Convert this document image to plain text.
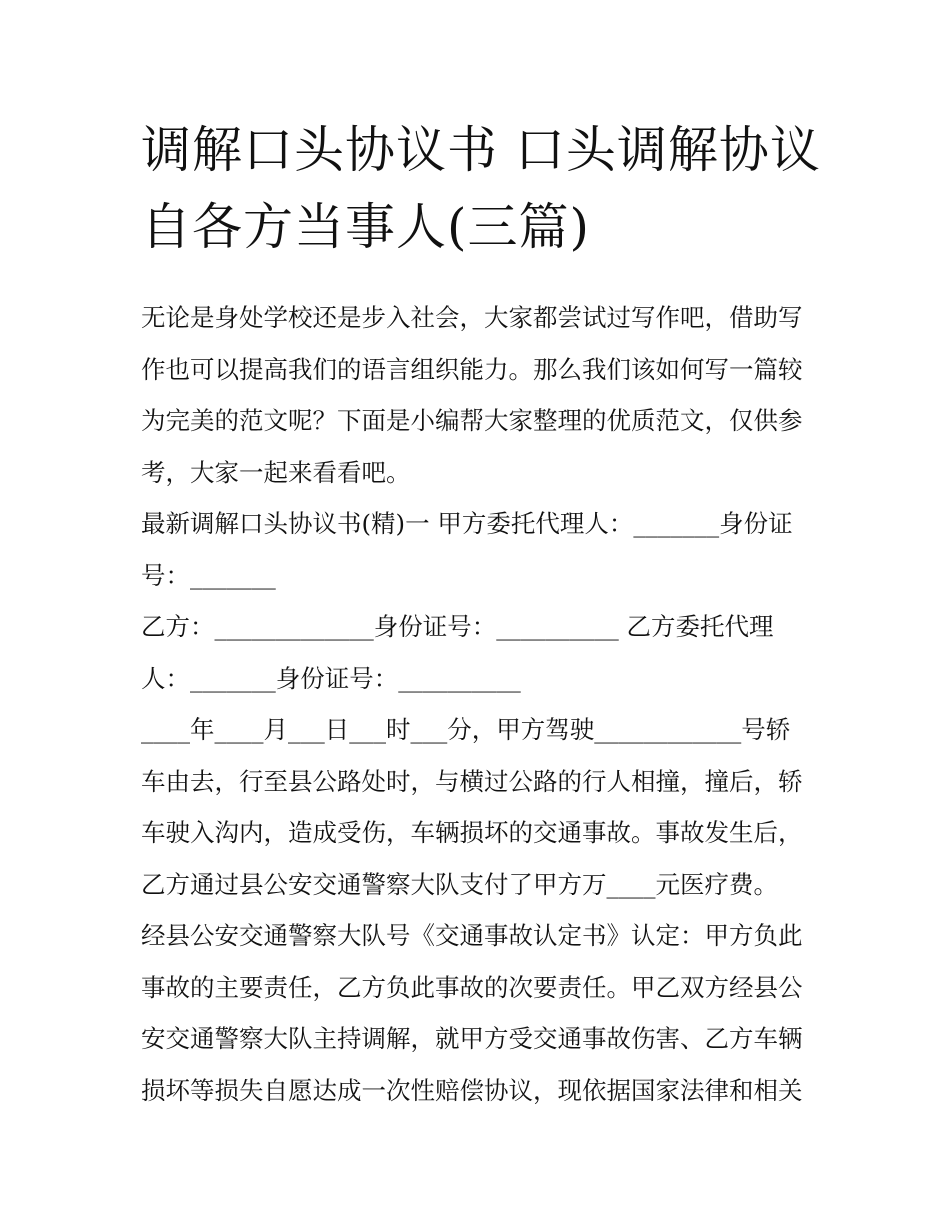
调解口头协议书 口头调解协议
自各方当事人(三篇)

无论是身处学校还是步入社会，大家都尝试过写作吧，借助写
作也可以提高我们的语言组织能力。那么我们该如何写一篇较
为完美的范文呢？下面是小编帮大家整理的优质范文，仅供参
考，大家一起来看看吧。

最新调解口头协议书(精)一 甲方委托代理人：_______身份证
号：_______

乙方：_____________身份证号：__________ 乙方委托代理
人：_______身份证号：__________

____年____月___日___时___分，甲方驾驶____________号轿
车由去，行至县公路处时，与横过公路的行人相撞，撞后，轿
车驶入沟内，造成受伤，车辆损坏的交通事故。事故发生后，
乙方通过县公安交通警察大队支付了甲方万____元医疗费。
经县公安交通警察大队号《交通事故认定书》认定：甲方负此
事故的主要责任，乙方负此事故的次要责任。甲乙双方经县公
安交通警察大队主持调解，就甲方受交通事故伤害、乙方车辆
损坏等损失自愿达成一次性赔偿协议，现依据国家法律和相关
